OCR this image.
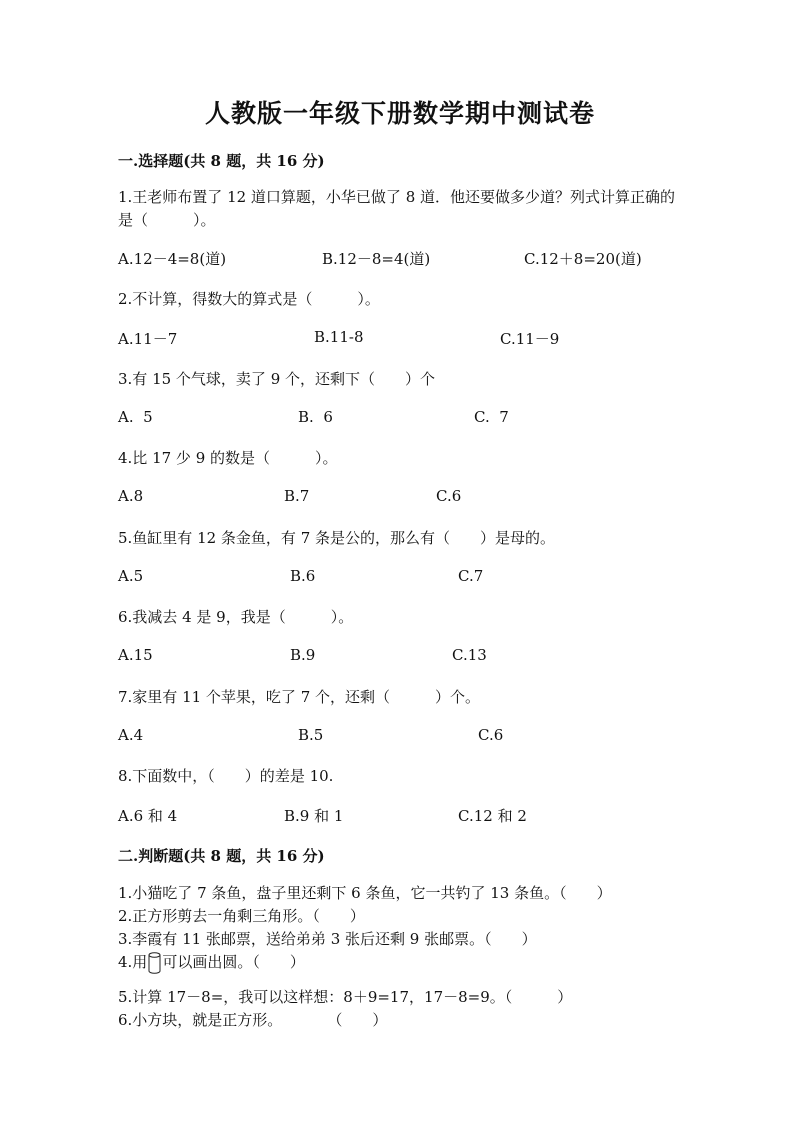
人教版一年级下册数学期中测试卷
一.选择题(共 8 题，共 16 分)
1.王老师布置了 12 道口算题，小华已做了 8 道．他还要做多少道？列式计算正确的是（　　　）。
A.12－4=8(道)	B.12－8=4(道)	C.12＋8=20(道)
2.不计算，得数大的算式是（　　　）。
A.11－7	B.11-8	C.11－9
3.有 15 个气球，卖了 9 个，还剩下（　　）个
A.  5	B.  6	C.  7
4.比 17 少 9 的数是（　　　）。
A.8	B.7	C.6
5.鱼缸里有 12 条金鱼，有 7 条是公的，那么有（　　）是母的。
A.5	B.6	C.7
6.我减去 4 是 9，我是（　　　）。
A.15	B.9	C.13
7.家里有 11 个苹果，吃了 7 个，还剩（　　　）个。
A.4	B.5	C.6
8.下面数中，（　　）的差是 10.
A.6 和 4	B.9 和 1	C.12 和 2
二.判断题(共 8 题，共 16 分)
1.小猫吃了 7 条鱼，盘子里还剩下 6 条鱼，它一共钓了 13 条鱼。（　　）
2.正方形剪去一角剩三角形。（　　）
3.李霞有 11 张邮票，送给弟弟 3 张后还剩 9 张邮票。（　　）
4.用 可以画出圆。（　　）
5.计算 17－8=，我可以这样想：8＋9=17，17－8=9。（　　　）
6.小方块，就是正方形。　　　　（　　）
